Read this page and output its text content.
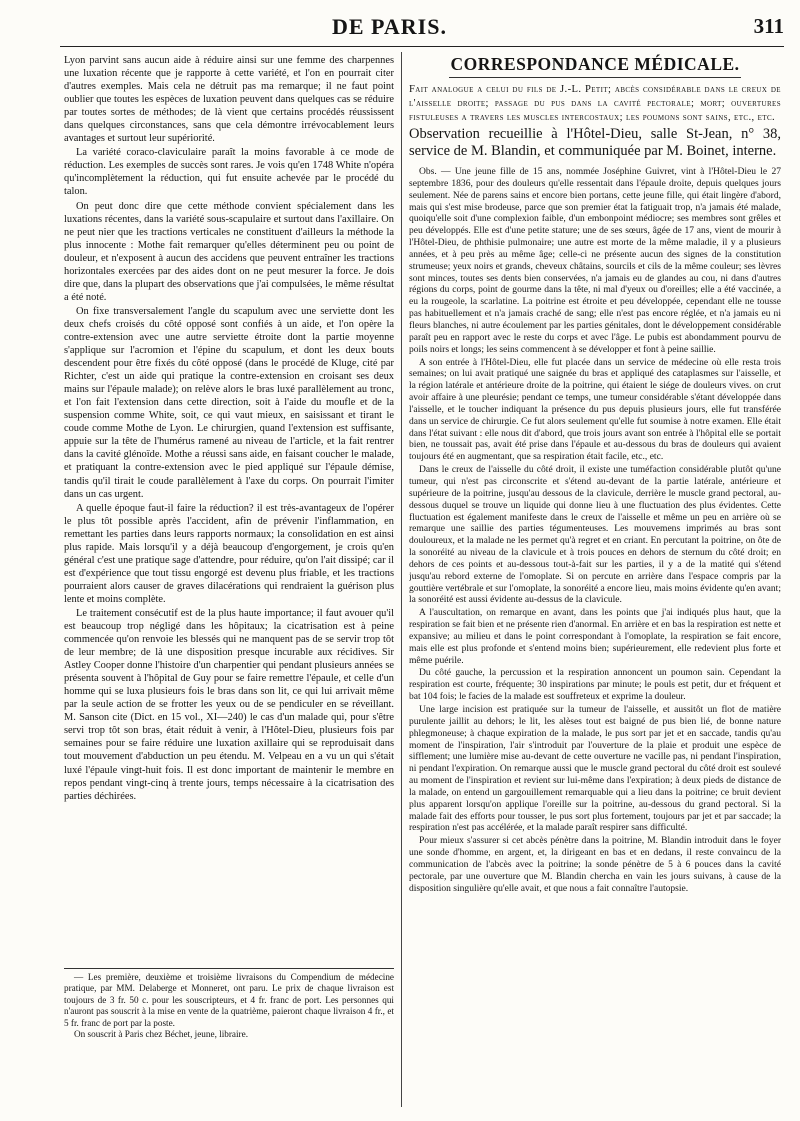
DE PARIS.	311

Lyon parvint sans aucun aide à réduire ainsi sur une femme des charpennes une luxation récente que je rapporte à cette variété, et l'on en pourrait citer d'autres exemples. Mais cela ne détruit pas ma remarque; il ne faut point oublier que toutes les espèces de luxation peuvent dans quelques cas se réduire par toutes sortes de méthodes; de là vient que certains procédés réussissent dans quelques circonstances, sans que cela démontre irrévocablement leurs avantages et surtout leur supériorité.

La variété coraco-claviculaire paraît la moins favorable à ce mode de réduction. Les exemples de succès sont rares. Je vois qu'en 1748 White n'opéra qu'incomplètement la réduction, qui fut ensuite achevée par le procédé du talon.

On peut donc dire que cette méthode convient spécialement dans les luxations récentes, dans la variété sous-scapulaire et surtout dans l'axillaire. On ne peut nier que les tractions verticales ne constituent d'ailleurs la méthode la plus innocente : Mothe fait remarquer qu'elles déterminent peu ou point de douleur, et n'exposent à aucun des accidens que peuvent entraîner les tractions horizontales exercées par des aides dont on ne peut mesurer la force. Je dois dire que, dans la plupart des observations que j'ai compulsées, le même résultat a été noté.

On fixe transversalement l'angle du scapulum avec une serviette dont les deux chefs croisés du côté opposé sont confiés à un aide, et l'on opère la contre-extension avec une autre serviette étroite dont la partie moyenne s'applique sur l'acromion et l'épine du scapulum, et dont les deux bouts descendent pour être fixés du côté opposé (dans le procédé de Kluge, cité par Richter, c'est un aide qui pratique la contre-extension en croisant ses deux mains sur l'épaule malade); on relève alors le bras luxé parallèlement au tronc, et l'on fait l'extension dans cette direction, soit à l'aide du moufle et de la suspension comme White, soit, ce qui vaut mieux, en saisissant et tirant le coude comme Mothe de Lyon. Le chirurgien, quand l'extension est suffisante, appuie sur la tête de l'humérus ramené au niveau de l'article, et la fait rentrer dans la cavité glénoïde. Mothe a réussi sans aide, en faisant coucher le malade, et pratiquant la contre-extension avec le pied appliqué sur l'épaule démise, tandis qu'il tirait le coude parallèlement à l'axe du corps. On pourrait l'imiter dans un cas urgent.

A quelle époque faut-il faire la réduction? il est très-avantageux de l'opérer le plus tôt possible après l'accident, afin de prévenir l'inflammation, en remettant les parties dans leurs rapports normaux; la consolidation en est ainsi plus rapide. Mais lorsqu'il y a déjà beaucoup d'engorgement, je crois qu'en général c'est une pratique sage d'attendre, pour réduire, qu'on l'ait dissipé; car il est d'expérience que tout tissu engorgé est devenu plus friable, et les tractions pourraient alors causer de graves dilacérations qui rendraient la guérison plus lente et moins complète.

Le traitement consécutif est de la plus haute importance; il faut avouer qu'il est beaucoup trop négligé dans les hôpitaux; la cicatrisation est à peine commencée qu'on renvoie les blessés qui ne manquent pas de se servir trop tôt de leur membre; de là une disposition presque incurable aux récidives. Sir Astley Cooper donne l'histoire d'un charpentier qui pendant plusieurs années se présenta souvent à l'hôpital de Guy pour se faire remettre l'épaule, et celle d'un homme qui se luxa plusieurs fois le bras dans son lit, ce qui lui arrivait même par la seule action de se frotter les yeux ou de se pendiculer en se réveillant. M. Sanson cite (Dict. en 15 vol., XI—240) le cas d'un malade qui, pour s'être servi trop tôt son bras, était réduit à venir, à l'Hôtel-Dieu, plusieurs fois par semaines pour se faire réduire une luxation axillaire qui se reproduisait dans tout mouvement d'abduction un peu étendu. M. Velpeau en a vu un qui s'était luxé l'épaule vingt-huit fois. Il est donc important de maintenir le membre en repos pendant vingt-cinq à trente jours, temps nécessaire à la cicatrisation des parties déchirées.

— Les première, deuxième et troisième livraisons du Compendium de médecine pratique, par MM. Delaberge et Monneret, ont paru. Le prix de chaque livraison est toujours de 3 fr. 50 c. pour les souscripteurs, et 4 fr. franc de port. Les personnes qui n'auront pas souscrit à la mise en vente de la quatrième, paieront chaque livraison 4 fr., et 5 fr. franc de port par la poste.

On souscrit à Paris chez Béchet, jeune, libraire.

CORRESPONDANCE MÉDICALE.
Fait analogue a celui du fils de J.-L. Petit; abcès considérable dans le creux de l'aisselle droite; passage du pus dans la cavité pectorale; mort; ouvertures fistuleuses a travers les muscles intercostaux; les poumons sont sains, etc., etc.
Observation recueillie à l'Hôtel-Dieu, salle St-Jean, n° 38, service de M. Blandin, et communiquée par M. Boinet, interne.

Obs. — Une jeune fille de 15 ans, nommée Joséphine Guivret, vint à l'Hôtel-Dieu le 27 septembre 1836, pour des douleurs qu'elle ressentait dans l'épaule droite, depuis quelques jours seulement. Née de parens sains et encore bien portans, cette jeune fille, qui était lingère d'abord, mais qui s'est mise brodeuse, parce que son premier état la fatiguait trop, n'a jamais été malade, quoiqu'elle soit d'une complexion faible, d'un embonpoint médiocre; ses membres sont grêles et peu développés. Elle est d'une petite stature; une de ses sœurs, âgée de 17 ans, vient de mourir à l'Hôtel-Dieu, de phthisie pulmonaire; une autre est morte de la même maladie, il y a plusieurs années, et à peu près au même âge; celle-ci ne présente aucun des signes de la constitution strumeuse; yeux noirs et grands, cheveux châtains, sourcils et cils de la même couleur; ses lèvres sont minces, toutes ses dents bien conservées, n'a jamais eu de glandes au cou, ni dans d'autres régions du corps, point de gourme dans la tête, ni mal d'yeux ou d'oreilles; elle a été vaccinée, a eu la rougeole, la scarlatine. La poitrine est étroite et peu développée, cependant elle ne tousse pas habituellement et n'a jamais craché de sang; elle n'est pas encore réglée, et n'a jamais eu ni fleurs blanches, ni autre écoulement par les parties génitales, dont le développement considérable paraît peu en rapport avec le reste du corps et avec l'âge. Le pubis est abondamment pourvu de poils noirs et longs; les seins commencent à se développer et font à peine saillie.

A son entrée à l'Hôtel-Dieu, elle fut placée dans un service de médecine où elle resta trois semaines; on lui avait pratiqué une saignée du bras et appliqué des cataplasmes sur l'aisselle, et la région latérale et antérieure droite de la poitrine, qui étaient le siége de douleurs vives. on crut avoir affaire à une pleurésie; pendant ce temps, une tumeur considérable s'étant développée dans l'aisselle, et le toucher indiquant la présence du pus depuis plusieurs jours, elle fut transférée dans un service de chirurgie. Ce fut alors seulement qu'elle fut soumise à notre examen. Elle était dans l'état suivant : elle nous dit d'abord, que trois jours avant son entrée à l'hôpital elle se portait bien, ne toussait pas, avait été prise dans l'épaule et au-dessous du bras de douleurs qui avaient toujours été en augmentant, que sa respiration était facile, etc., etc.

Dans le creux de l'aisselle du côté droit, il existe une tuméfaction considérable plutôt qu'une tumeur, qui n'est pas circonscrite et s'étend au-devant de la partie latérale, antérieure et supérieure de la poitrine, jusqu'au dessous de la clavicule, derrière le muscle grand pectoral, au-dessous duquel se trouve un liquide qui donne lieu à une fluctuation des plus évidentes. Cette fluctuation est également manifeste dans le creux de l'aisselle et même un peu en arrière où se remarque une saillie des parties tégumenteuses. Les mouvemens imprimés au bras sont douloureux, et la malade ne les permet qu'à regret et en criant. En percutant la poitrine, on ôte de la sonoréité au niveau de la clavicule et à trois pouces en dehors de sternum du côté droit; en dehors de ces points et au-dessous tout-à-fait sur les parties, il y a de la matité qui s'étend jusqu'au rebord externe de l'omoplate. Si on percute en arrière dans l'espace compris par la gouttière vertébrale et sur l'omoplate, la sonoréité a encore lieu, mais moins évidente qu'en avant; la sonoréité est aussi évidente au-dessus de la clavicule.

A l'auscultation, on remarque en avant, dans les points que j'ai indiqués plus haut, que la respiration se fait bien et ne présente rien d'anormal. En arrière et en bas la respiration est nette et expansive; au milieu et dans le point correspondant à l'omoplate, la respiration se fait encore, mais elle est plus profonde et s'entend moins bien; supérieurement, elle redevient plus forte et même puérile.

Du côté gauche, la percussion et la respiration annoncent un poumon sain. Cependant la respiration est courte, fréquente; 30 inspirations par minute; le pouls est petit, dur et fréquent et bat 104 fois; le facies de la malade est souffreteux et exprime la douleur.

Une large incision est pratiquée sur la tumeur de l'aisselle, et aussitôt un flot de matière purulente jaillit au dehors; le lit, les alèses tout est baigné de pus bien lié, de bonne nature phlegmoneuse; à chaque expiration de la malade, le pus sort par jet et en saccade, tandis qu'au moment de l'inspiration, l'air s'introduit par l'ouverture de la plaie et produit une espèce de sifflement; une lumière mise au-devant de cette ouverture ne vacille pas, ni pendant l'inspiration, ni pendant l'expiration. On remarque aussi que le muscle grand pectoral du côté droit est soulevé au moment de l'inspiration et revient sur lui-même dans l'expiration; à deux pieds de distance de la malade, on entend un gargouillement remarquable qui a lieu dans la poitrine; ce bruit devient plus apparent lorsqu'on applique l'oreille sur la poitrine, au-dessous du grand pectoral. Si la malade fait des efforts pour tousser, le pus sort plus fortement, toujours par jet et par saccade; la respiration n'est pas accélérée, et la malade paraît respirer sans difficulté.

Pour mieux s'assurer si cet abcès pénètre dans la poitrine, M. Blandin introduit dans le foyer une sonde d'homme, en argent, et, la dirigeant en bas et en dedans, il reste convaincu de la communication de l'abcès avec la poitrine; la sonde pénètre de 5 à 6 pouces dans la cavité pectorale, par une ouverture que M. Blandin chercha en vain les jours suivans, à cause de la disposition singulière qu'elle avait, et que nous a fait connaître l'autopsie.
